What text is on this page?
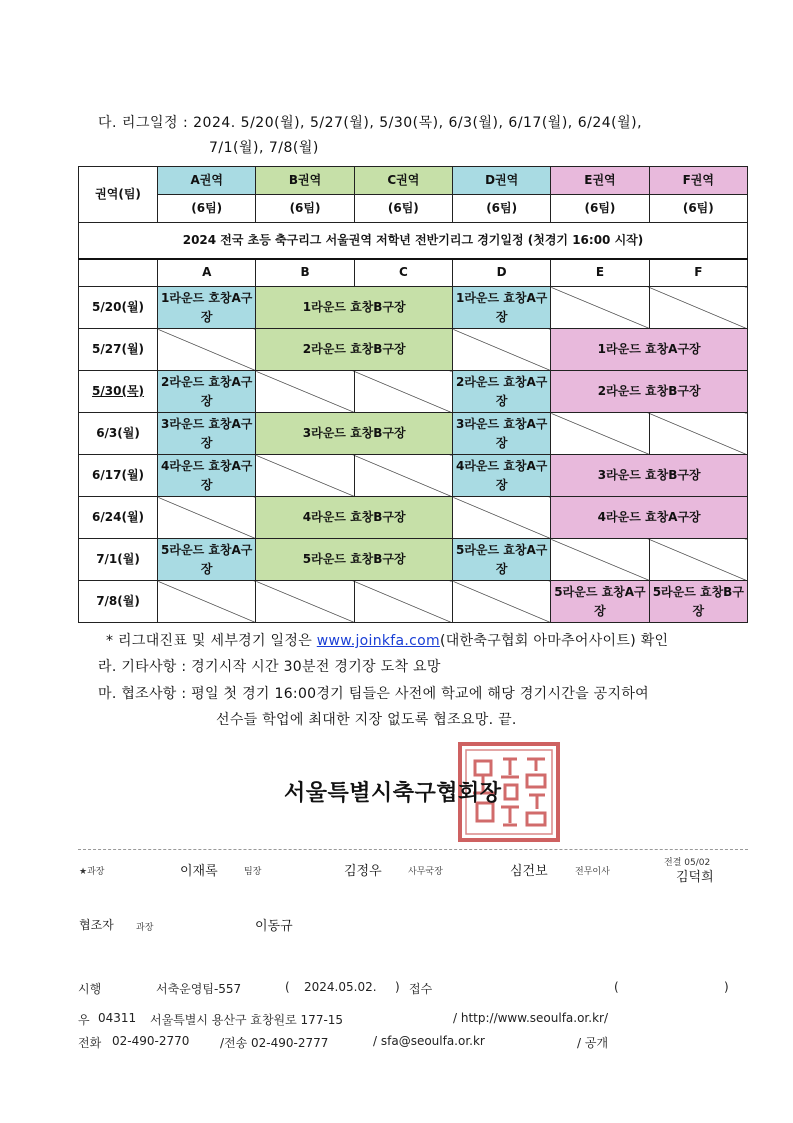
다. 리그일정 : 2024. 5/20(월), 5/27(월), 5/30(목), 6/3(월), 6/17(월), 6/24(월),
7/1(월), 7/8(월)
권역(팀)	A권역	B권역	C권역	D권역	E권역	F권역
	(6팀)	(6팀)	(6팀)	(6팀)	(6팀)	(6팀)
2024 전국 초등 축구리그 서울권역 저학년 전반기리그 경기일정 (첫경기 16:00 시작)						
	A	B	C	D	E	F
5/20(월)	1라운드 호창A구장	1라운드 효창B구장		1라운드 효창A구장		
5/27(월)		2라운드 효창B구장			1라운드 효창A구장	
5/30(목)	2라운드 효창A구장			2라운드 효창A구장	2라운드 효창B구장	
6/3(월)	3라운드 효창A구장	3라운드 효창B구장		3라운드 효창A구장		
6/17(월)	4라운드 효창A구장			4라운드 효창A구장	3라운드 효창B구장	
6/24(월)		4라운드 효창B구장			4라운드 효창A구장	
7/1(월)	5라운드 효창A구장	5라운드 효창B구장		5라운드 효창A구장		
7/8(월)					5라운드 효창A구장	5라운드 효창B구장
* 리그대진표 및 세부경기 일정은 www.joinkfa.com(대한축구협회 아마추어사이트) 확인
라. 기타사항 : 경기시작 시간 30분전 경기장 도착 요망
마. 협조사항 : 평일 첫 경기 16:00경기 팀들은 사전에 학교에 해당 경기시간을 공지하여
선수들 학업에 최대한 지장 없도록 협조요망. 끝.
서울특별시축구협회장
★과장	이재록	팀장	김정우	사무국장	심건보	전무이사
전결 05/02
김덕희
협조자 과장	이동규
시행	서축운영팀-557	( 2024.05.02. ) 접수	(	)
우 04311 서울특별시 용산구 효창원로 177-15	/ http://www.seoulfa.or.kr/
전화 02-490-2770	/전송 02-490-2777	/ sfa@seoulfa.or.kr	/ 공개
